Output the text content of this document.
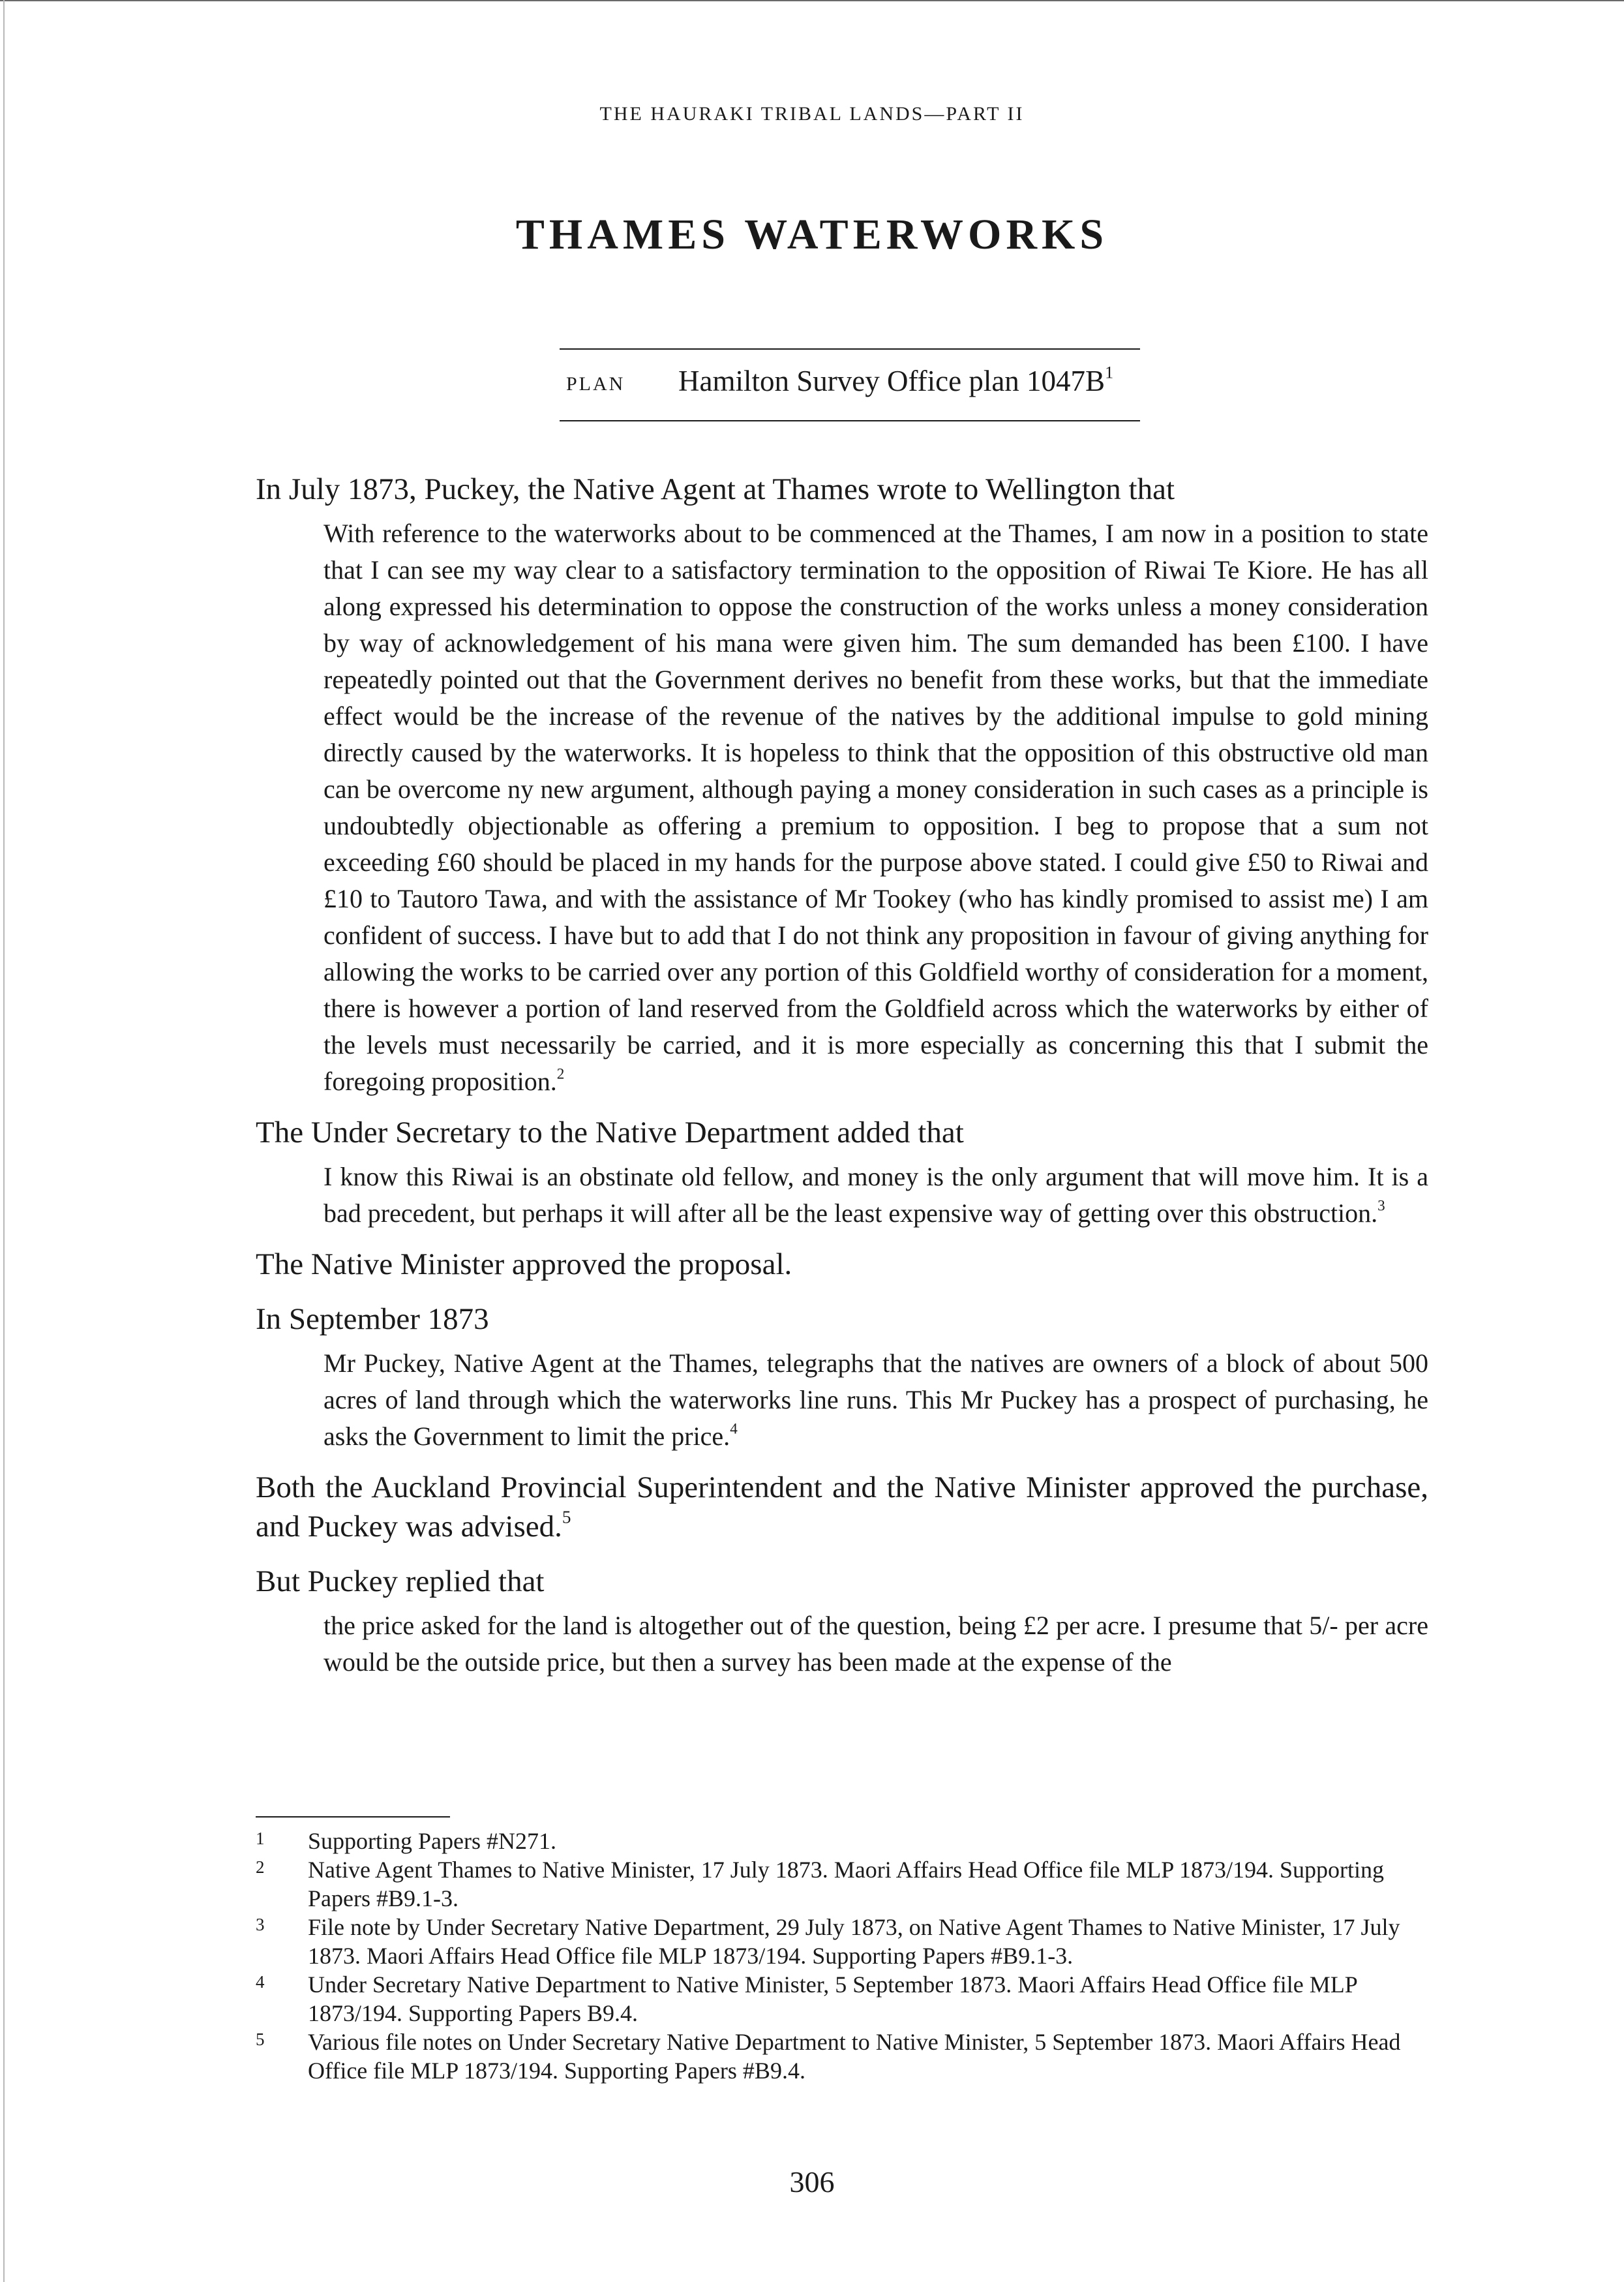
THE HAURAKI TRIBAL LANDS—PART II
THAMES WATERWORKS
PLAN Hamilton Survey Office plan $1047B^1$

In July 1873, Puckey, the Native Agent at Thames wrote to Wellington that

With reference to the waterworks about to be commenced at the Thames, I am now in a position to state that I can see my way clear to a satisfactory termination to the opposition of Riwai Te Kiore. He has all along expressed his determination to oppose the construction of the works unless a money consideration by way of acknowledgement of his mana were given him. The sum demanded has been £100. I have repeatedly pointed out that the Government derives no benefit from these works, but that the immediate effect would be the increase of the revenue of the natives by the additional impulse to gold mining directly caused by the waterworks. It is hopeless to think that the opposition of this obstructive old man can be overcome ny new argument, although paying a money consideration in such cases as a principle is undoubtedly objectionable as offering a premium to opposition. I beg to propose that a sum not exceeding £60 should be placed in my hands for the purpose above stated. I could give £50 to Riwai and £10 to Tautoro Tawa, and with the assistance of Mr Tookey (who has kindly promised to assist me) I am confident of success. I have but to add that I do not think any proposition in favour of giving anything for allowing the works to be carried over any portion of this Goldfield worthy of consideration for a moment, there is however a portion of land reserved from the Goldfield across which the waterworks by either of the levels must necessarily be carried, and it is more especially as concerning this that I submit the foregoing proposition.$^2$

The Under Secretary to the Native Department added that

I know this Riwai is an obstinate old fellow, and money is the only argument that will move him. It is a bad precedent, but perhaps it will after all be the least expensive way of getting over this obstruction.$^3$

The Native Minister approved the proposal.

In September 1873

Mr Puckey, Native Agent at the Thames, telegraphs that the natives are owners of a block of about 500 acres of land through which the waterworks line runs. This Mr Puckey has a prospect of purchasing, he asks the Government to limit the price.$^4$

Both the Auckland Provincial Superintendent and the Native Minister approved the purchase, and Puckey was advised.$^5$

But Puckey replied that

the price asked for the land is altogether out of the question, being £2 per acre. I presume that 5/- per acre would be the outside price, but then a survey has been made at the expense of the
1 Supporting Papers #N271.
2 Native Agent Thames to Native Minister, 17 July 1873. Maori Affairs Head Office file MLP 1873/194. Supporting Papers #B9.1-3.
3 File note by Under Secretary Native Department, 29 July 1873, on Native Agent Thames to Native Minister, 17 July 1873. Maori Affairs Head Office file MLP 1873/194. Supporting Papers #B9.1-3.
4 Under Secretary Native Department to Native Minister, 5 September 1873. Maori Affairs Head Office file MLP 1873/194. Supporting Papers B9.4.
5 Various file notes on Under Secretary Native Department to Native Minister, 5 September 1873. Maori Affairs Head Office file MLP 1873/194. Supporting Papers #B9.4.
306
